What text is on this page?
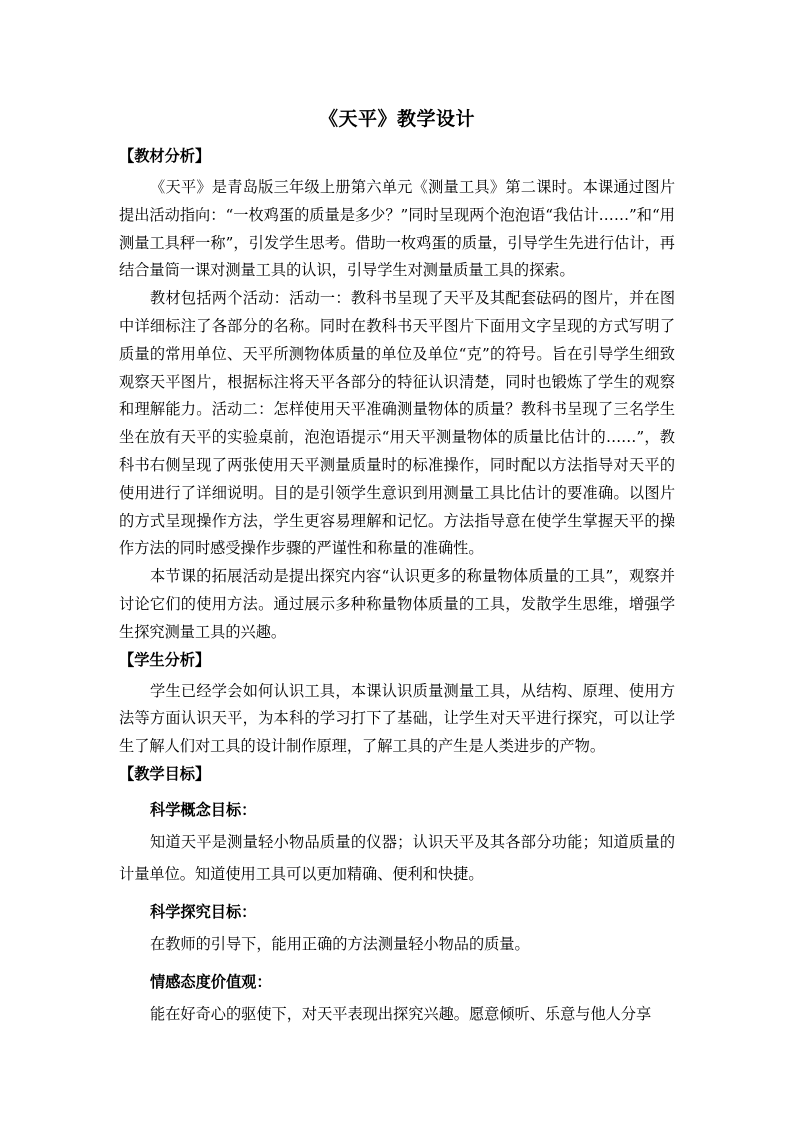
《天平》教学设计
【教材分析】

《天平》是青岛版三年级上册第六单元《测量工具》第二课时。本课通过图片提出活动指向：“一枚鸡蛋的质量是多少？”同时呈现两个泡泡语“我估计……”和“用测量工具秤一称”，引发学生思考。借助一枚鸡蛋的质量，引导学生先进行估计，再结合量筒一课对测量工具的认识，引导学生对测量质量工具的探索。

教材包括两个活动：活动一：教科书呈现了天平及其配套砝码的图片，并在图中详细标注了各部分的名称。同时在教科书天平图片下面用文字呈现的方式写明了质量的常用单位、天平所测物体质量的单位及单位“克”的符号。旨在引导学生细致观察天平图片，根据标注将天平各部分的特征认识清楚，同时也锻炼了学生的观察和理解能力。活动二：怎样使用天平准确测量物体的质量？教科书呈现了三名学生坐在放有天平的实验桌前，泡泡语提示“用天平测量物体的质量比估计的……”，教科书右侧呈现了两张使用天平测量质量时的标准操作，同时配以方法指导对天平的使用进行了详细说明。目的是引领学生意识到用测量工具比估计的要准确。以图片的方式呈现操作方法，学生更容易理解和记忆。方法指导意在使学生掌握天平的操作方法的同时感受操作步骤的严谨性和称量的准确性。

本节课的拓展活动是提出探究内容“认识更多的称量物体质量的工具”，观察并讨论它们的使用方法。通过展示多种称量物体质量的工具，发散学生思维，增强学生探究测量工具的兴趣。

【学生分析】

学生已经学会如何认识工具，本课认识质量测量工具，从结构、原理、使用方法等方面认识天平，为本科的学习打下了基础，让学生对天平进行探究，可以让学生了解人们对工具的设计制作原理，了解工具的产生是人类进步的产物。

【教学目标】
科学概念目标：

知道天平是测量轻小物品质量的仪器；认识天平及其各部分功能；知道质量的计量单位。知道使用工具可以更加精确、便利和快捷。

科学探究目标：

在教师的引导下，能用正确的方法测量轻小物品的质量。

情感态度价值观：

能在好奇心的驱使下，对天平表现出探究兴趣。愿意倾听、乐意与他人分享
